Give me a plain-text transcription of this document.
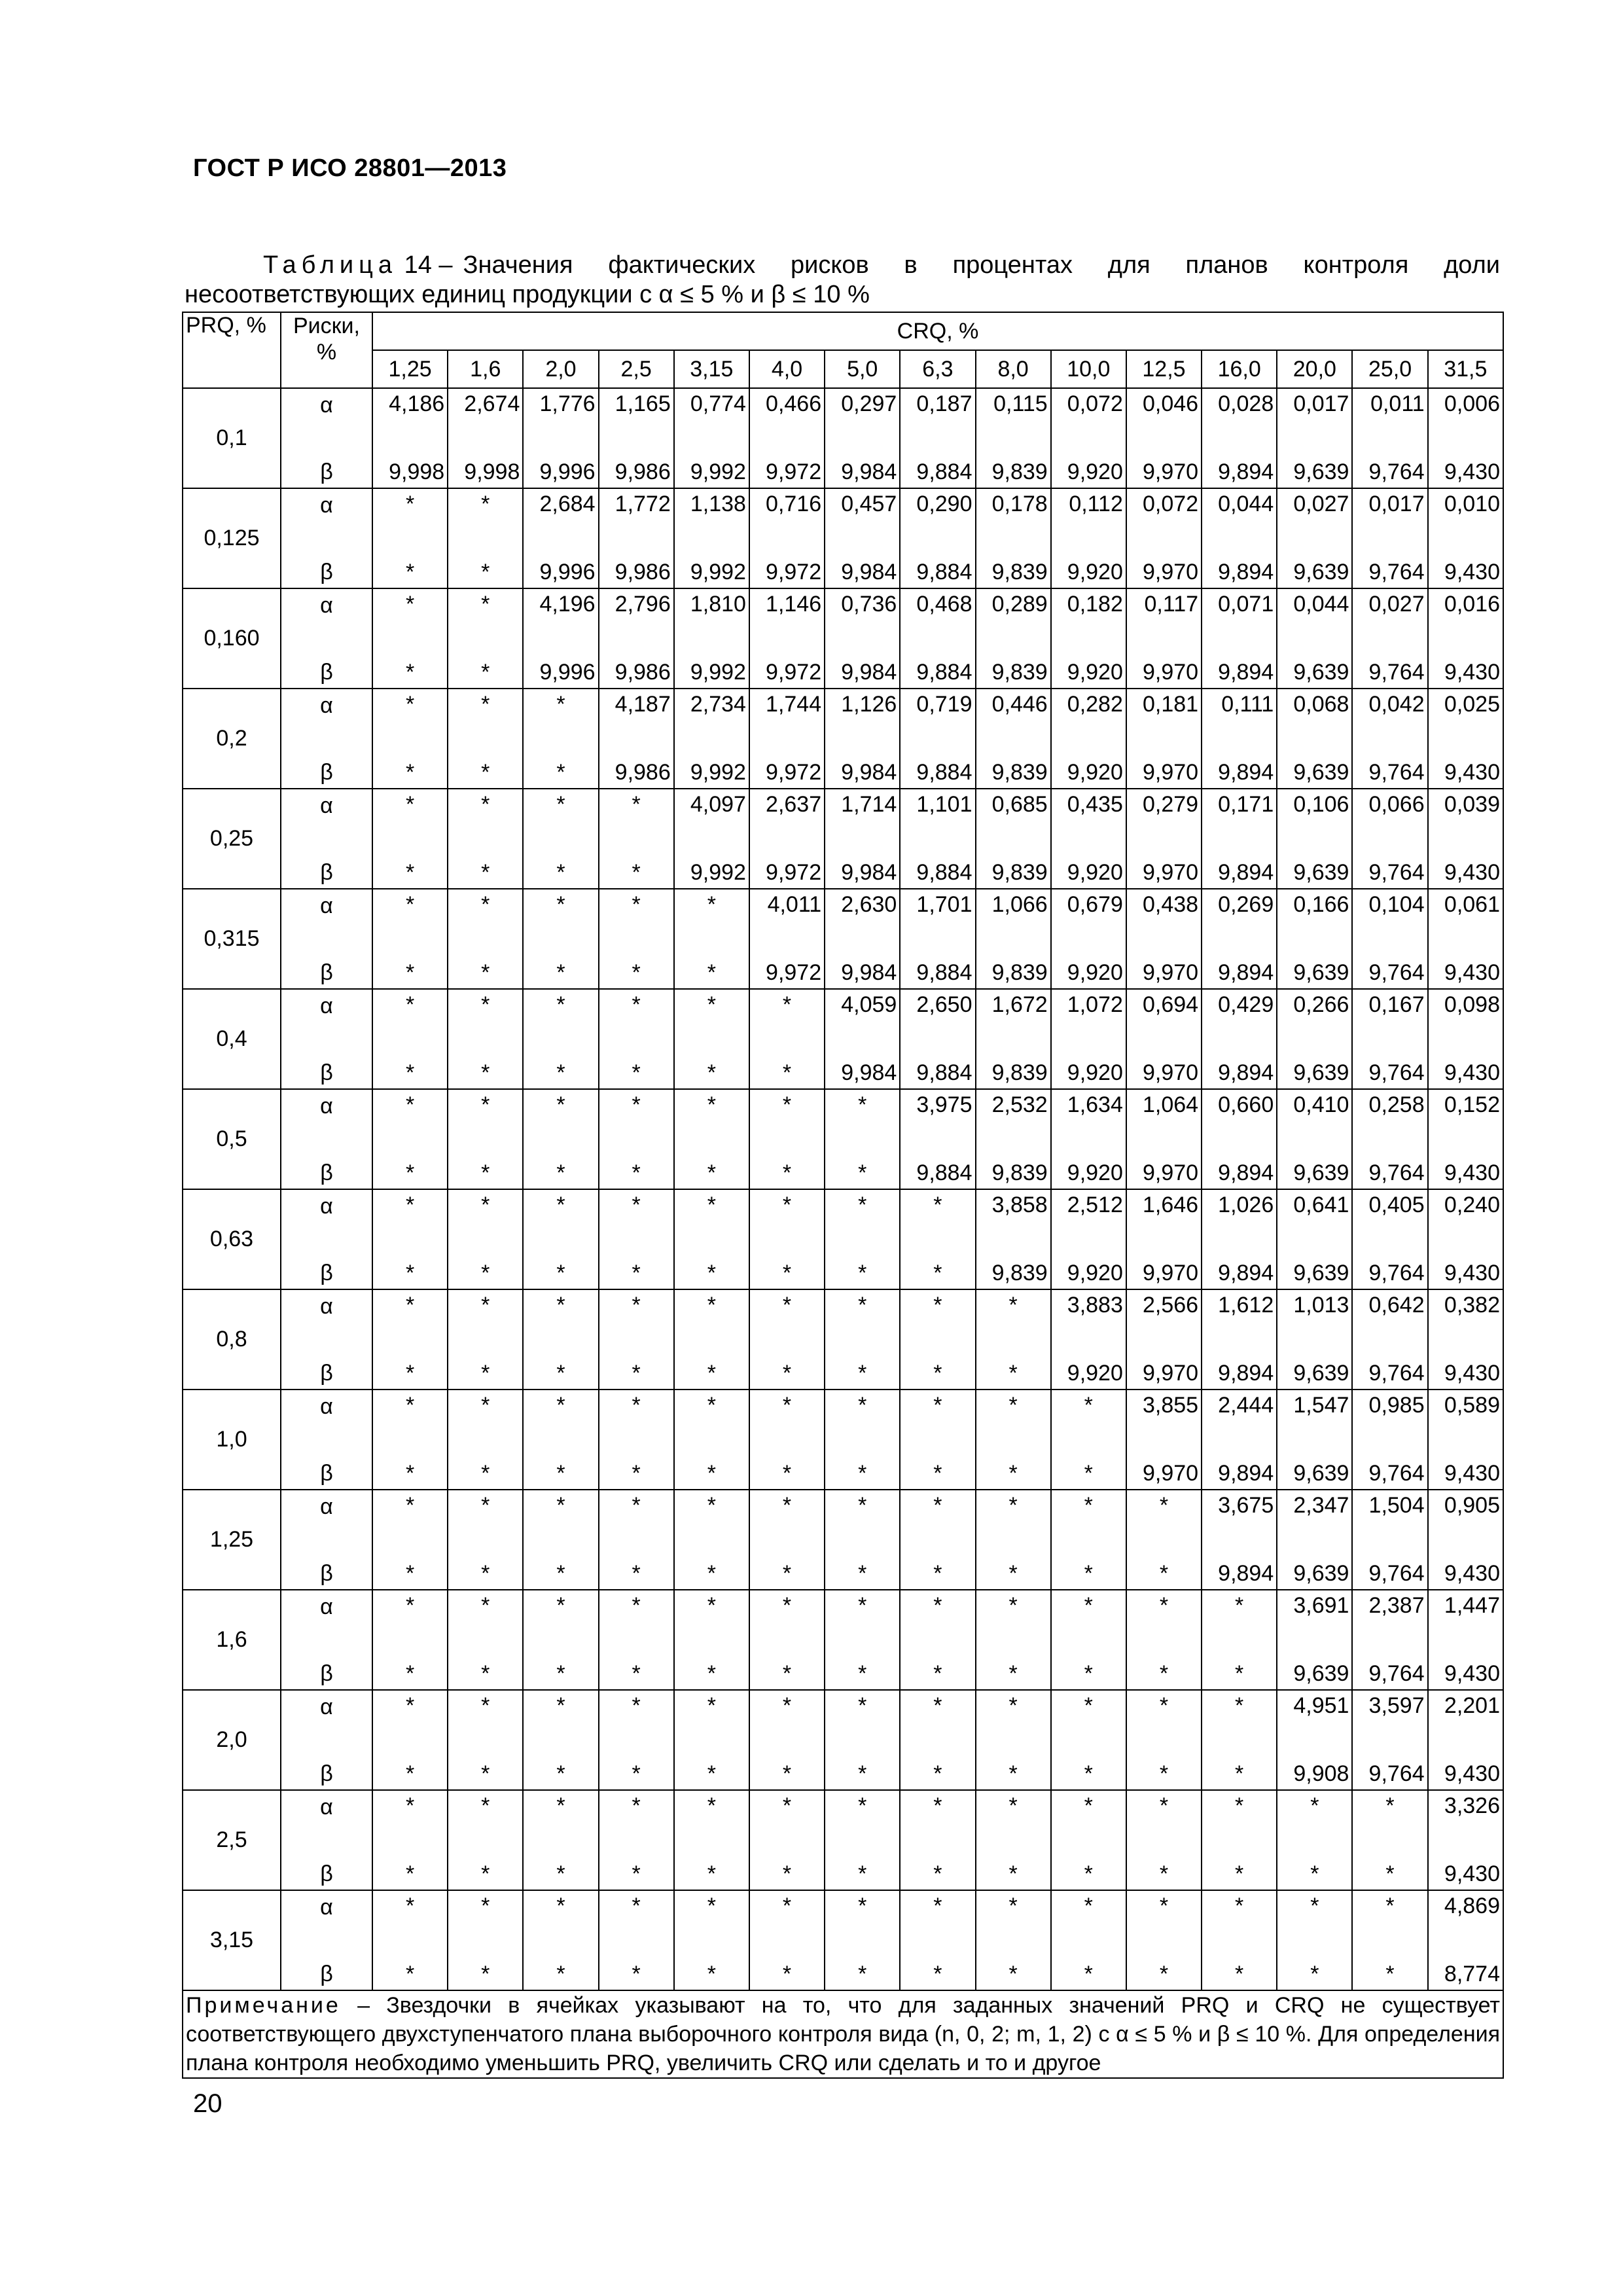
ГОСТ Р ИСО 28801—2013
Таблица 14 – Значения фактических рисков в процентах для планов контроля доли
несоответствующих единиц продукции с α ≤ 5 % и β ≤ 10 %
PRQ, %	Риски, %	CRQ, %														
		1,25	1,6	2,0	2,5	3,15	4,0	5,0	6,3	8,0	10,0	12,5	16,0	20,0	25,0	31,5
0,1	α	4,186	2,674	1,776	1,165	0,774	0,466	0,297	0,187	0,115	0,072	0,046	0,028	0,017	0,011	0,006
	β	9,998	9,998	9,996	9,986	9,992	9,972	9,984	9,884	9,839	9,920	9,970	9,894	9,639	9,764	9,430
0,125	α	*	*	2,684	1,772	1,138	0,716	0,457	0,290	0,178	0,112	0,072	0,044	0,027	0,017	0,010
	β	*	*	9,996	9,986	9,992	9,972	9,984	9,884	9,839	9,920	9,970	9,894	9,639	9,764	9,430
0,160	α	*	*	4,196	2,796	1,810	1,146	0,736	0,468	0,289	0,182	0,117	0,071	0,044	0,027	0,016
	β	*	*	9,996	9,986	9,992	9,972	9,984	9,884	9,839	9,920	9,970	9,894	9,639	9,764	9,430
0,2	α	*	*	*	4,187	2,734	1,744	1,126	0,719	0,446	0,282	0,181	0,111	0,068	0,042	0,025
	β	*	*	*	9,986	9,992	9,972	9,984	9,884	9,839	9,920	9,970	9,894	9,639	9,764	9,430
0,25	α	*	*	*	*	4,097	2,637	1,714	1,101	0,685	0,435	0,279	0,171	0,106	0,066	0,039
	β	*	*	*	*	9,992	9,972	9,984	9,884	9,839	9,920	9,970	9,894	9,639	9,764	9,430
0,315	α	*	*	*	*	*	4,011	2,630	1,701	1,066	0,679	0,438	0,269	0,166	0,104	0,061
	β	*	*	*	*	*	9,972	9,984	9,884	9,839	9,920	9,970	9,894	9,639	9,764	9,430
0,4	α	*	*	*	*	*	*	4,059	2,650	1,672	1,072	0,694	0,429	0,266	0,167	0,098
	β	*	*	*	*	*	*	9,984	9,884	9,839	9,920	9,970	9,894	9,639	9,764	9,430
0,5	α	*	*	*	*	*	*	*	3,975	2,532	1,634	1,064	0,660	0,410	0,258	0,152
	β	*	*	*	*	*	*	*	9,884	9,839	9,920	9,970	9,894	9,639	9,764	9,430
0,63	α	*	*	*	*	*	*	*	*	3,858	2,512	1,646	1,026	0,641	0,405	0,240
	β	*	*	*	*	*	*	*	*	9,839	9,920	9,970	9,894	9,639	9,764	9,430
0,8	α	*	*	*	*	*	*	*	*	*	3,883	2,566	1,612	1,013	0,642	0,382
	β	*	*	*	*	*	*	*	*	*	9,920	9,970	9,894	9,639	9,764	9,430
1,0	α	*	*	*	*	*	*	*	*	*	*	3,855	2,444	1,547	0,985	0,589
	β	*	*	*	*	*	*	*	*	*	*	9,970	9,894	9,639	9,764	9,430
1,25	α	*	*	*	*	*	*	*	*	*	*	*	3,675	2,347	1,504	0,905
	β	*	*	*	*	*	*	*	*	*	*	*	9,894	9,639	9,764	9,430
1,6	α	*	*	*	*	*	*	*	*	*	*	*	*	3,691	2,387	1,447
	β	*	*	*	*	*	*	*	*	*	*	*	*	9,639	9,764	9,430
2,0	α	*	*	*	*	*	*	*	*	*	*	*	*	4,951	3,597	2,201
	β	*	*	*	*	*	*	*	*	*	*	*	*	9,908	9,764	9,430
2,5	α	*	*	*	*	*	*	*	*	*	*	*	*	*	*	3,326
	β	*	*	*	*	*	*	*	*	*	*	*	*	*	*	9,430
3,15	α	*	*	*	*	*	*	*	*	*	*	*	*	*	*	4,869
	β	*	*	*	*	*	*	*	*	*	*	*	*	*	*	8,774
Примечание – Звездочки в ячейках указывают на то, что для заданных значений PRQ и CRQ не существует соответствующего двухступенчатого плана выборочного контроля вида (n, 0, 2; m, 1, 2) с α ≤ 5 % и β ≤ 10 %. Для определения плана контроля необходимо уменьшить PRQ, увеличить CRQ или сделать и то и другое																
20
